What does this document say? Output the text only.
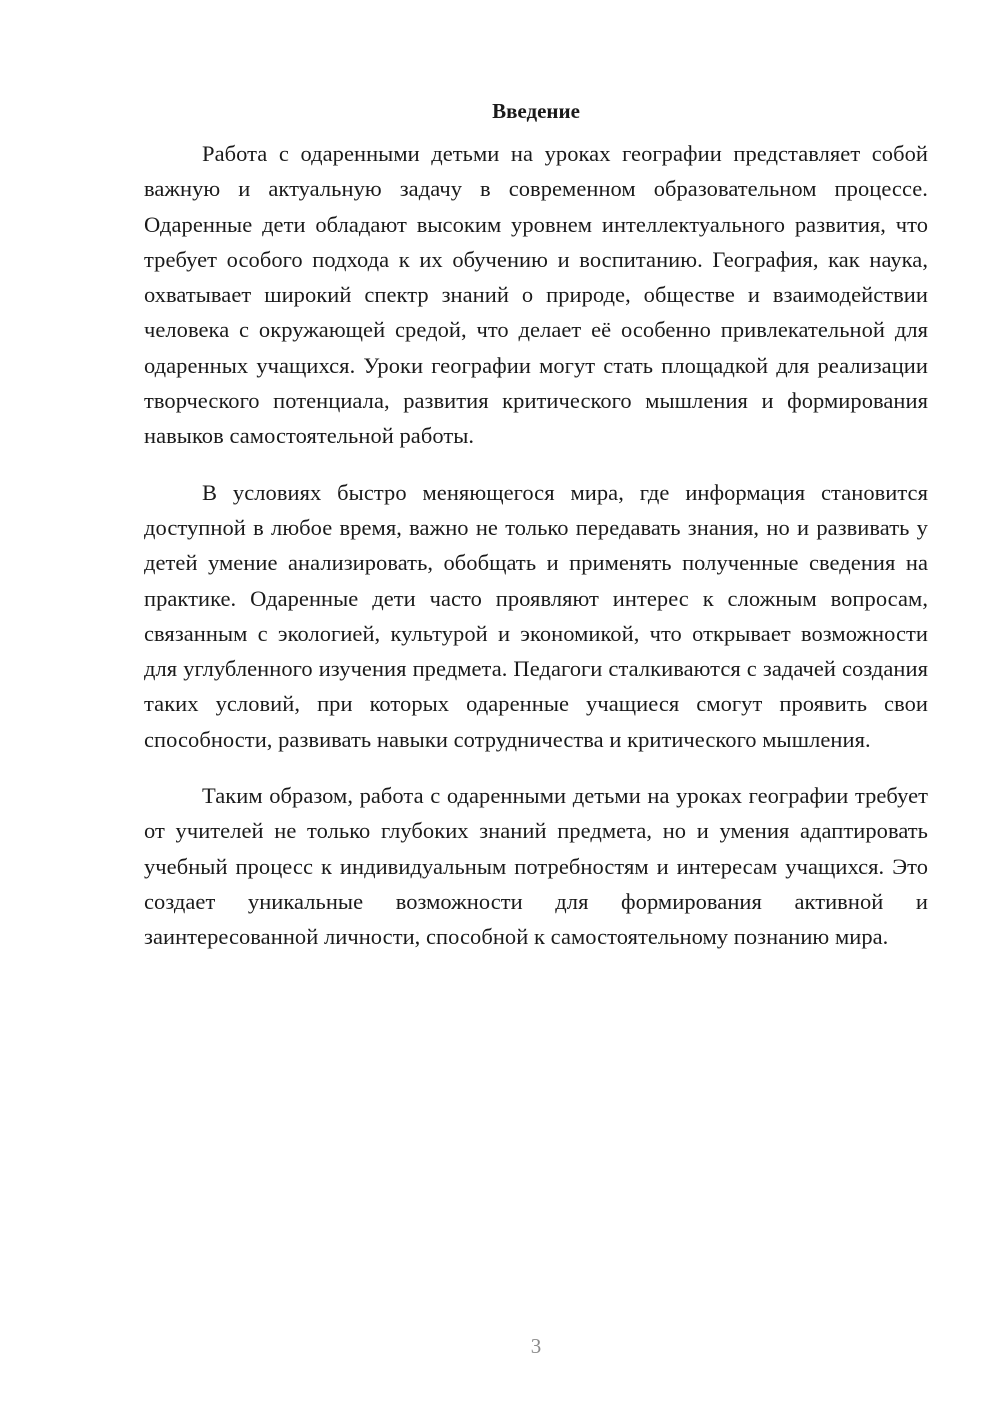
Введение

Работа с одаренными детьми на уроках географии представляет собой важную и актуальную задачу в современном образовательном процессе. Одаренные дети обладают высоким уровнем интеллектуального развития, что требует особого подхода к их обучению и воспитанию. География, как наука, охватывает широкий спектр знаний о природе, обществе и взаимодействии человека с окружающей средой, что делает её особенно привлекательной для одаренных учащихся. Уроки географии могут стать площадкой для реализации творческого потенциала, развития критического мышления и формирования навыков самостоятельной работы.

В условиях быстро меняющегося мира, где информация становится доступной в любое время, важно не только передавать знания, но и развивать у детей умение анализировать, обобщать и применять полученные сведения на практике. Одаренные дети часто проявляют интерес к сложным вопросам, связанным с экологией, культурой и экономикой, что открывает возможности для углубленного изучения предмета. Педагоги сталкиваются с задачей создания таких условий, при которых одаренные учащиеся смогут проявить свои способности, развивать навыки сотрудничества и критического мышления.

Таким образом, работа с одаренными детьми на уроках географии требует от учителей не только глубоких знаний предмета, но и умения адаптировать учебный процесс к индивидуальным потребностям и интересам учащихся. Это создает уникальные возможности для формирования активной и заинтересованной личности, способной к самостоятельному познанию мира.

3
